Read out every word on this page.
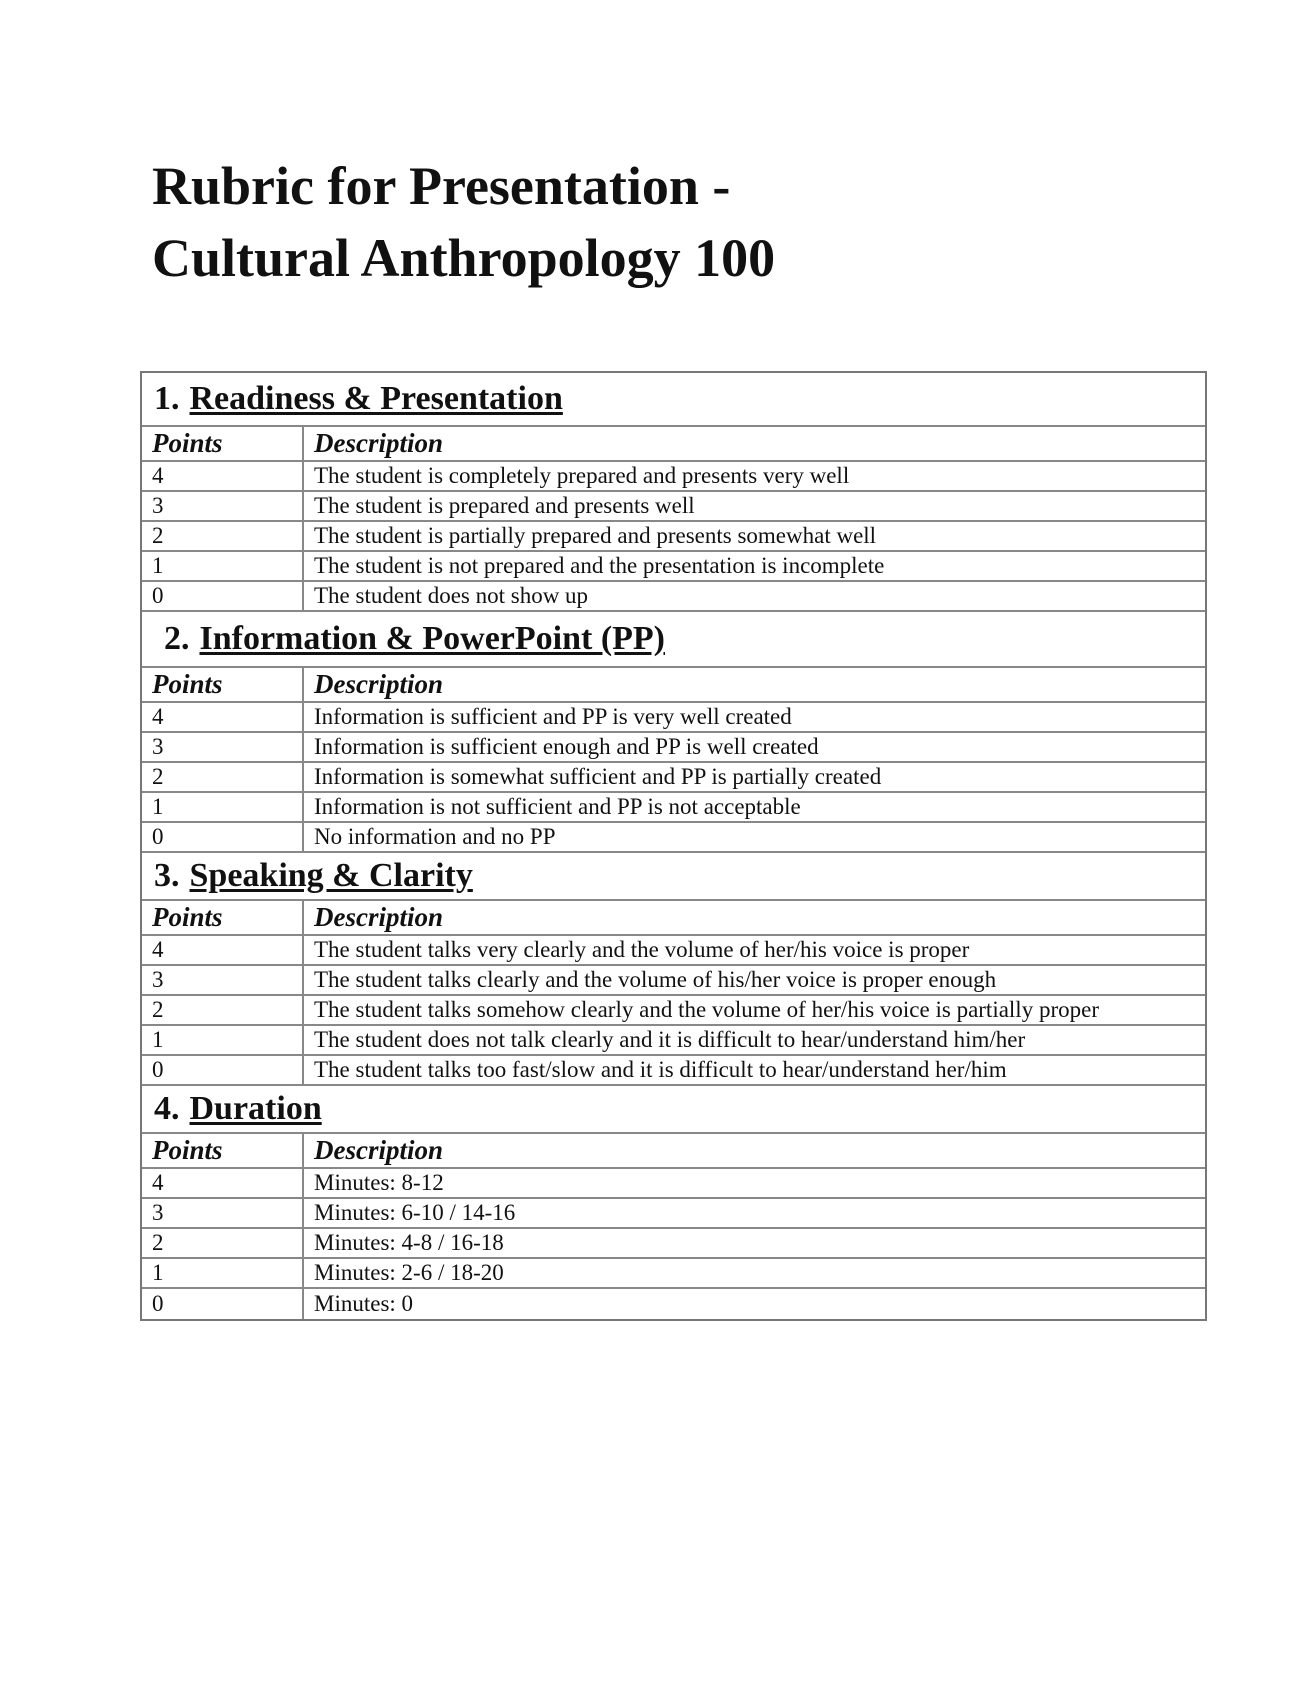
Rubric for Presentation -
Cultural Anthropology 100
1. Readiness & Presentation
Points	Description
4	The student is completely prepared and presents very well
3	The student is prepared and presents well
2	The student is partially prepared and presents somewhat well
1	The student is not prepared and the presentation is incomplete
0	The student does not show up
2. Information & PowerPoint (PP)
Points	Description
4	Information is sufficient and PP is very well created
3	Information is sufficient enough and PP is well created
2	Information is somewhat sufficient and PP is partially created
1	Information is not sufficient and PP is not acceptable
0	No information and no PP
3. Speaking & Clarity
Points	Description
4	The student talks very clearly and the volume of her/his voice is proper
3	The student talks clearly and the volume of his/her voice is proper enough
2	The student talks somehow clearly and the volume of her/his voice is partially proper
1	The student does not talk clearly and it is difficult to hear/understand him/her
0	The student talks too fast/slow and it is difficult to hear/understand her/him
4. Duration
Points	Description
4	Minutes: 8-12
3	Minutes: 6-10 / 14-16
2	Minutes: 4-8 / 16-18
1	Minutes: 2-6 / 18-20
0	Minutes: 0
